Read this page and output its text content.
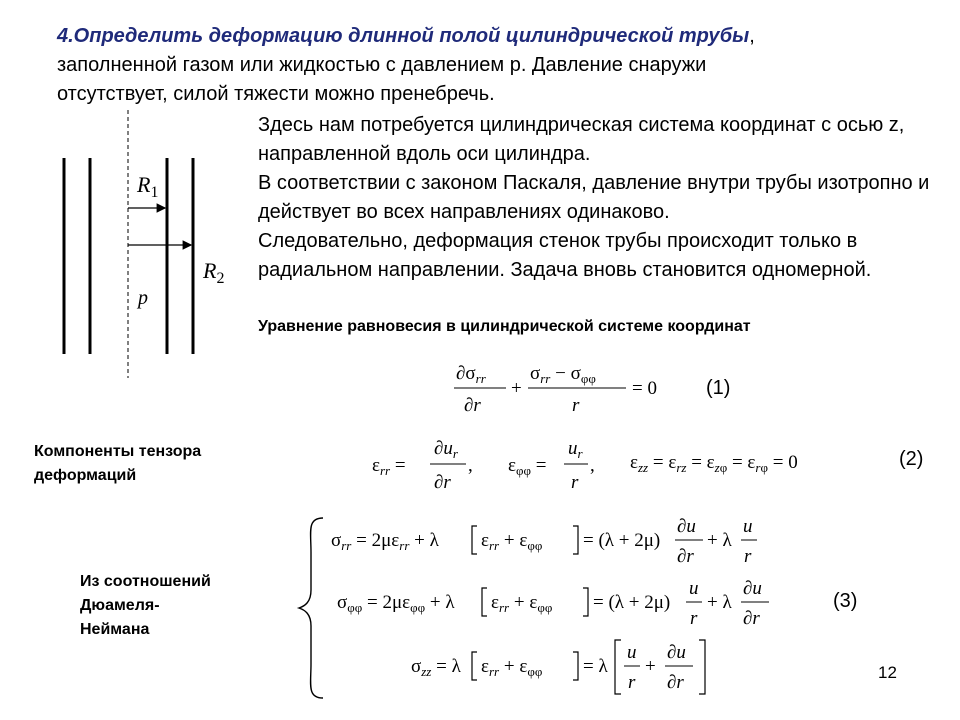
4.Определить деформацию длинной полой цилиндрической трубы,
заполненной газом или жидкостью с давлением р. Давление снаружи
отсутствует, силой тяжести можно пренебречь.
$R_1$
$R_2$
p

Здесь нам потребуется цилиндрическая система координат с осью z, направленной вдоль оси цилиндра.

В соответствии с законом Паскаля, давление внутри трубы изотропно и действует во всех направлениях одинаково.

Следовательно, деформация стенок трубы происходит только в радиальном направлении. Задача вновь становится одномерной.

Уравнение равновесия в цилиндрической системе координат
$\partial\sigma_{rr}$
∂r
+
$\sigma_{rr} - \sigma_{\varphi\varphi}$
r
= 0 (1)
Компоненты тензора
деформаций	$\varepsilon_{rr}$ =
$\partial u_r$
∂r
, $\varepsilon_{\varphi\varphi}$ =
$u_r$
r
, $\varepsilon_{zz} = \varepsilon_{rz} = \varepsilon_z\varphi = \varepsilon_r\varphi = 0$	(2)
Из соотношений
Дюамеля-
Неймана
$\sigma_{rr} = 2\mu\varepsilon_{rr} + \lambda$ $\varepsilon_{rr} + \varepsilon_{\varphi\varphi} = (\lambda + 2\mu)$
∂u
∂r
+ λ
u
r
$\sigma_{\varphi\varphi} = 2\mu\varepsilon_{\varphi\varphi} + \lambda$ $\varepsilon_{rr} + \varepsilon_{\varphi\varphi} = (\lambda + 2\mu)$
u
r
+ λ
∂u
∂r
$\sigma_{zz} = \lambda$ $\varepsilon_{rr} + \varepsilon_{\varphi\varphi} = \lambda$
u
r
+
∂u
∂r
(3)
12
